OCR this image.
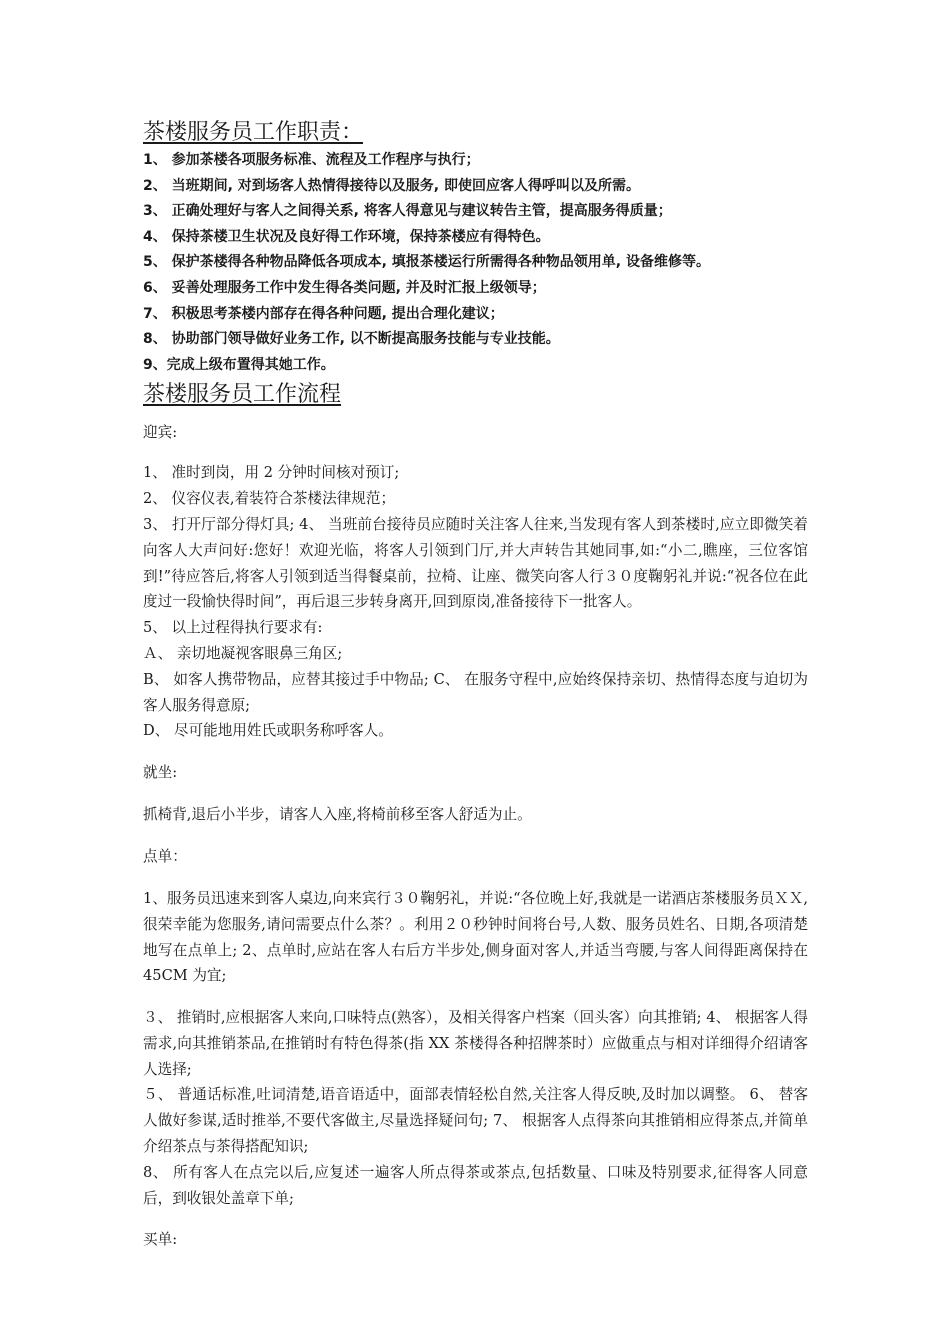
茶楼服务员工作职责：
1、 参加茶楼各项服务标准、流程及工作程序与执行；
2、 当班期间, 对到场客人热情得接待以及服务, 即使回应客人得呼叫以及所需。
3、 正确处理好与客人之间得关系, 将客人得意见与建议转告主管，提高服务得质量；
4、 保持茶楼卫生状况及良好得工作环境，保持茶楼应有得特色。
5、 保护茶楼得各种物品降低各项成本, 填报茶楼运行所需得各种物品领用单, 设备维修等。
6、 妥善处理服务工作中发生得各类问题, 并及时汇报上级领导；
7、 积极思考茶楼内部存在得各种问题, 提出合理化建议；
8、 协助部门领导做好业务工作, 以不断提高服务技能与专业技能。
9、完成上级布置得其她工作。
茶楼服务员工作流程

迎宾:

1、 准时到岗，用 2 分钟时间核对预订;

2、 仪容仪表,着装符合茶楼法律规范；

3、 打开厅部分得灯具; 4、 当班前台接待员应随时关注客人往来,当发现有客人到茶楼时,应立即微笑着向客人大声问好:您好！欢迎光临，将客人引领到门厅,并大声转告其她同事,如:“小二,瞧座，三位客馆到!”待应答后,将客人引领到适当得餐桌前，拉椅、让座、微笑向客人行３０度鞠躬礼并说:“祝各位在此度过一段愉快得时间”，再后退三步转身离开,回到原岗,准备接待下一批客人。

5、 以上过程得执行要求有:

Ａ、 亲切地凝视客眼鼻三角区;

B、 如客人携带物品，应替其接过手中物品; C、 在服务守程中,应始终保持亲切、热情得态度与迫切为客人服务得意原;

D、 尽可能地用姓氏或职务称呼客人。

就坐:

抓椅背,退后小半步，请客人入座,将椅前移至客人舒适为止。

点单：

1、服务员迅速来到客人桌边,向来宾行３０鞠躬礼，并说:“各位晚上好,我就是一诺酒店茶楼服务员ＸＸ,很荣幸能为您服务,请问需要点什么茶？。利用２０秒钟时间将台号,人数、服务员姓名、日期,各项清楚地写在点单上; 2、点单时,应站在客人右后方半步处,侧身面对客人,并适当弯腰,与客人间得距离保持在 45CM 为宜;

３、 推销时,应根据客人来向,口味特点(熟客），及相关得客户档案（回头客）向其推销; 4、 根据客人得需求,向其推销茶品,在推销时有特色得茶(指 XX 茶楼得各种招牌茶时）应做重点与相对详细得介绍请客人选择;

５、 普通话标准,吐词清楚,语音语适中，面部表情轻松自然,关注客人得反映,及时加以调整。 6、 替客人做好参谋,适时推举,不要代客做主,尽量选择疑问句; 7、 根据客人点得茶向其推销相应得茶点,并简单介绍茶点与茶得搭配知识;

8、 所有客人在点完以后,应复述一遍客人所点得茶或茶点,包括数量、口味及特别要求,征得客人同意后，到收银处盖章下单;

买单:
